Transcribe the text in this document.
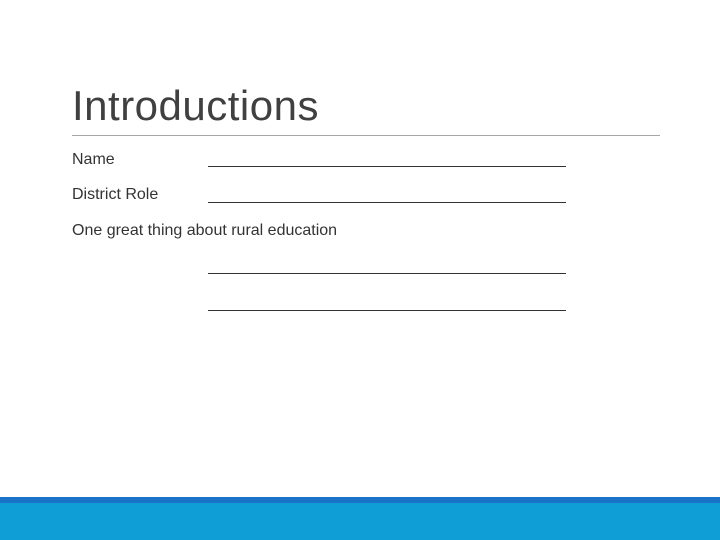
Introductions
Name
District Role
One great thing about rural education
